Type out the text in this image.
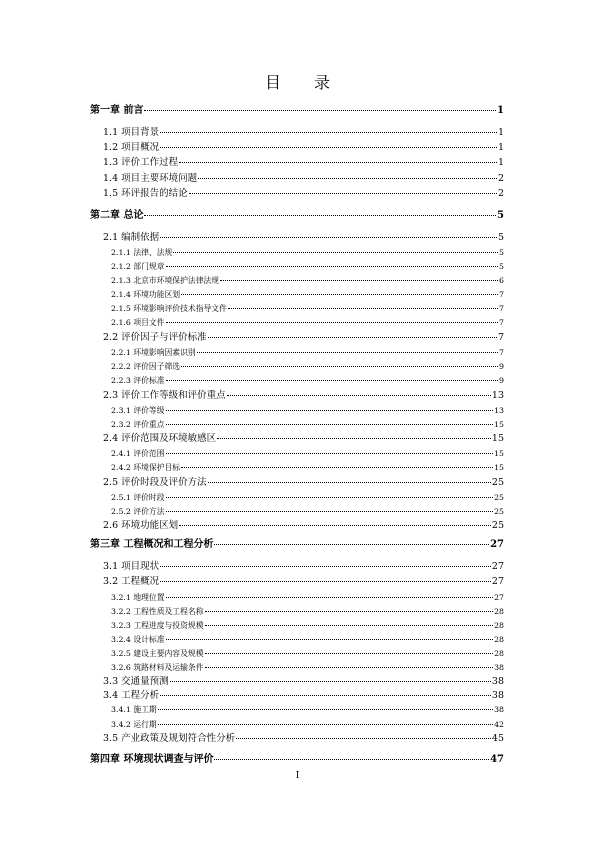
目 录
第一章 前言	1
1.1 项目背景	1
1.2 项目概况	1
1.3 评价工作过程	1
1.4 项目主要环境问题	2
1.5 环评报告的结论	2
第二章 总论	5
2.1 编制依据	5
2.1.1 法律、法规	5
2.1.2 部门规章	5
2.1.3 北京市环境保护法律法规	6
2.1.4 环境功能区划	7
2.1.5 环境影响评价技术指导文件	7
2.1.6 项目文件	7
2.2 评价因子与评价标准	7
2.2.1 环境影响因素识别	7
2.2.2 评价因子筛选	9
2.2.3 评价标准	9
2.3 评价工作等级和评价重点	13
2.3.1 评价等级	13
2.3.2 评价重点	15
2.4 评价范围及环境敏感区	15
2.4.1 评价范围	15
2.4.2 环境保护目标	15
2.5 评价时段及评价方法	25
2.5.1 评价时段	25
2.5.2 评价方法	25
2.6 环境功能区划	25
第三章 工程概况和工程分析	27
3.1 项目现状	27
3.2 工程概况	27
3.2.1 地理位置	27
3.2.2 工程性质及工程名称	28
3.2.3 工程进度与投资规模	28
3.2.4 设计标准	28
3.2.5 建设主要内容及规模	28
3.2.6 筑路材料及运输条件	38
3.3 交通量预测	38
3.4 工程分析	38
3.4.1 施工期	38
3.4.2 运行期	42
3.5 产业政策及规划符合性分析	45
第四章 环境现状调查与评价	47
I
